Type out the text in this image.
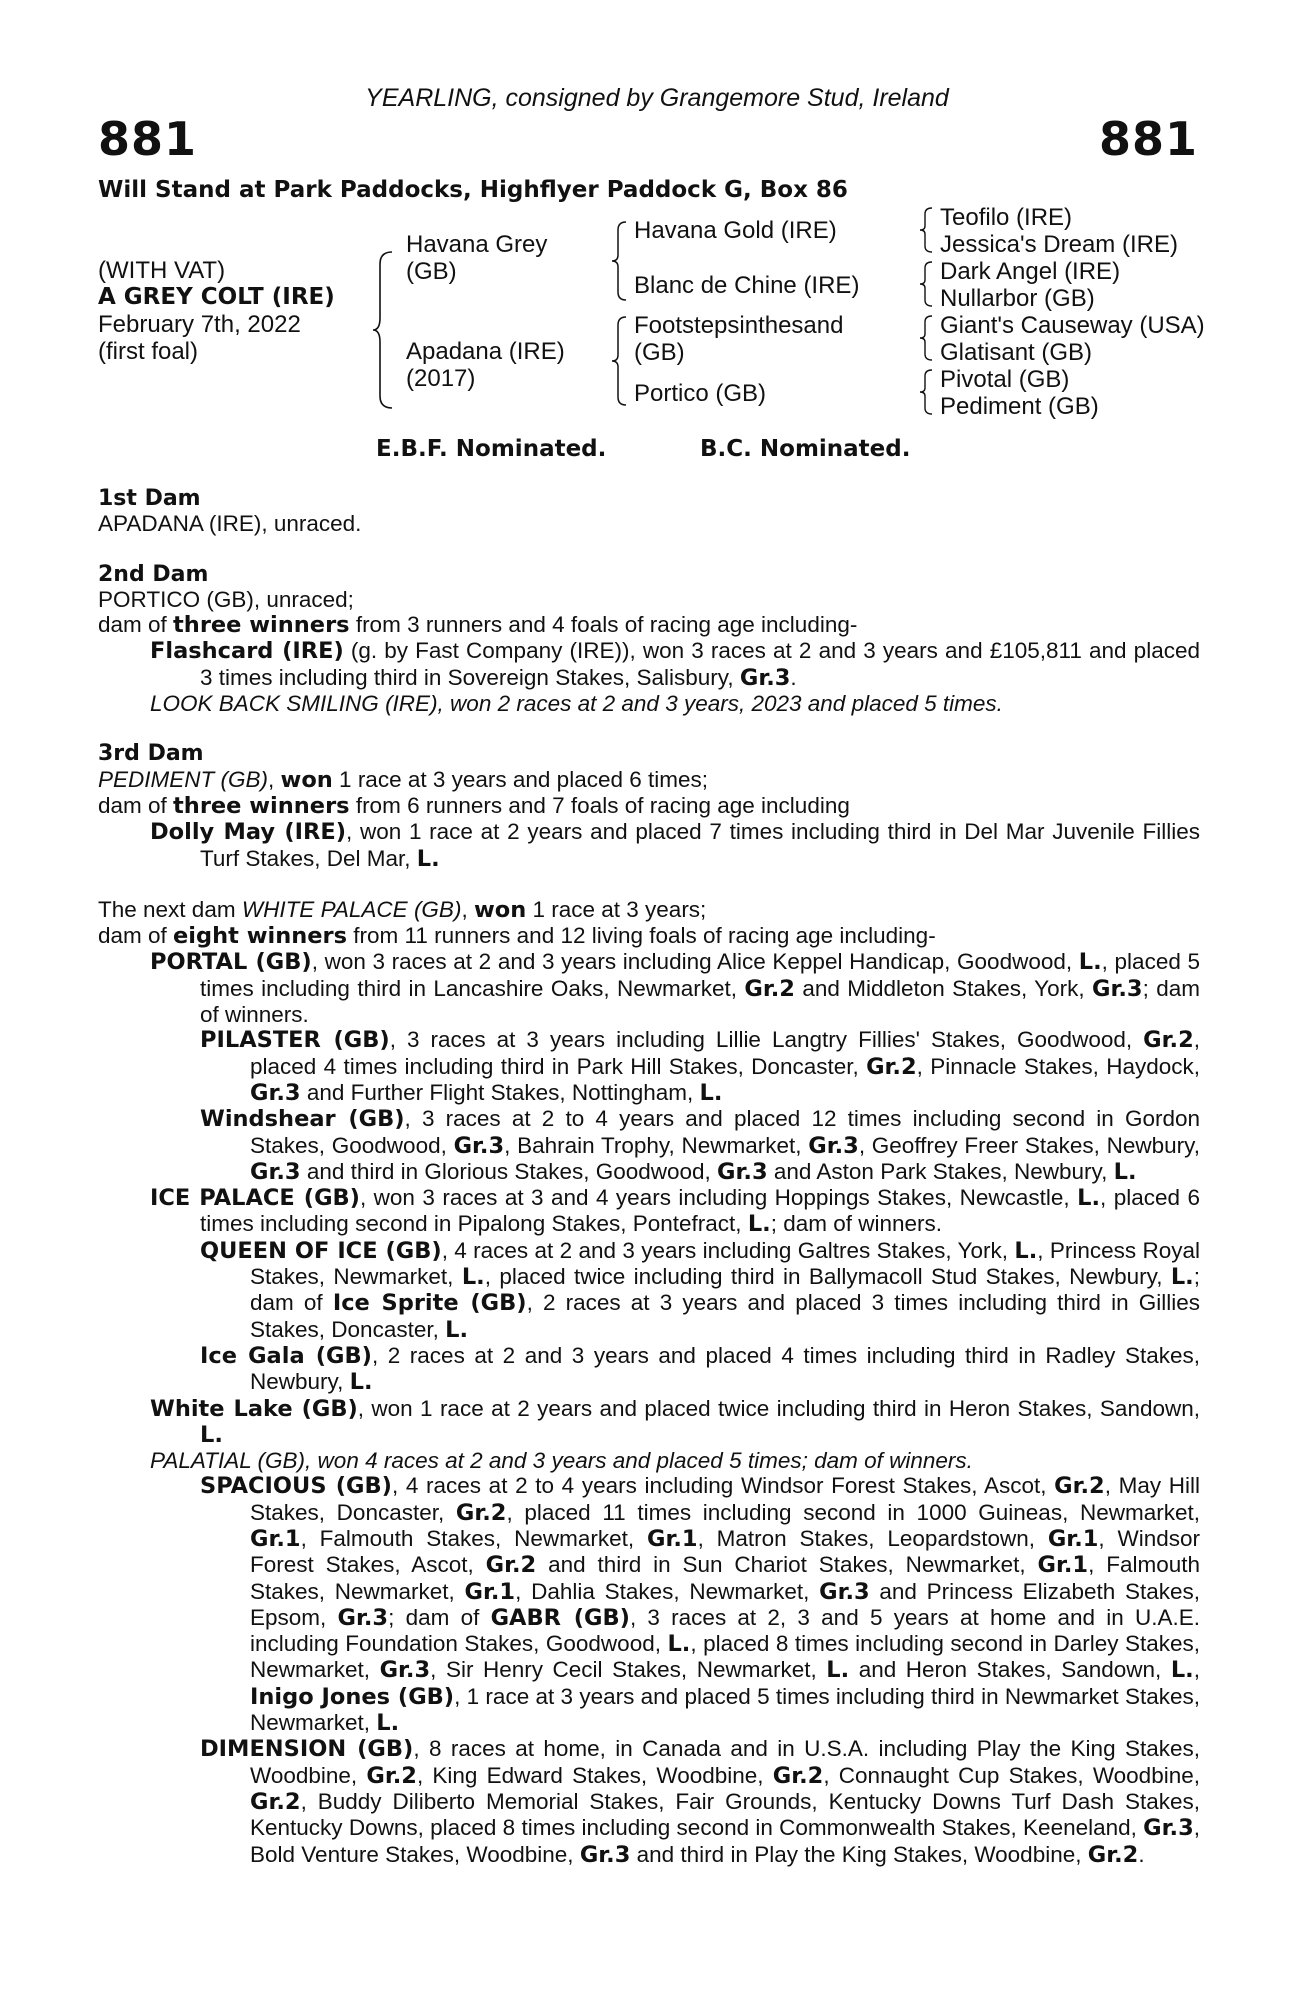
YEARLING, consigned by Grangemore Stud, Ireland
881	881
Will Stand at Park Paddocks, Highflyer Paddock G, Box 86
(WITH VAT)
A GREY COLT (IRE)
February 7th, 2022
(first foal)
Havana Grey
(GB)
Apadana (IRE)
(2017)
Havana Gold (IRE)
Blanc de Chine (IRE)
Footstepsinthesand
(GB)
Portico (GB)
Teofilo (IRE)
Jessica's Dream (IRE)
Dark Angel (IRE)
Nullarbor (GB)
Giant's Causeway (USA)
Glatisant (GB)
Pivotal (GB)
Pediment (GB)
E.B.F. Nominated.	B.C. Nominated.

1st Dam

APADANA (IRE), unraced.

2nd Dam

PORTICO (GB), unraced;

dam of three winners from 3 runners and 4 foals of racing age including-

Flashcard (IRE) (g. by Fast Company (IRE)), won 3 races at 2 and 3 years and £105,811 and placed 3 times including third in Sovereign Stakes, Salisbury, Gr.3.

LOOK BACK SMILING (IRE), won 2 races at 2 and 3 years, 2023 and placed 5 times.

3rd Dam

PEDIMENT (GB), won 1 race at 3 years and placed 6 times;

dam of three winners from 6 runners and 7 foals of racing age including

Dolly May (IRE), won 1 race at 2 years and placed 7 times including third in Del Mar Juvenile Fillies Turf Stakes, Del Mar, L.

The next dam WHITE PALACE (GB), won 1 race at 3 years;

dam of eight winners from 11 runners and 12 living foals of racing age including-

PORTAL (GB), won 3 races at 2 and 3 years including Alice Keppel Handicap, Goodwood, L., placed 5 times including third in Lancashire Oaks, Newmarket, Gr.2 and Middleton Stakes, York, Gr.3; dam of winners.

PILASTER (GB), 3 races at 3 years including Lillie Langtry Fillies' Stakes, Goodwood, Gr.2, placed 4 times including third in Park Hill Stakes, Doncaster, Gr.2, Pinnacle Stakes, Haydock, Gr.3 and Further Flight Stakes, Nottingham, L.

Windshear (GB), 3 races at 2 to 4 years and placed 12 times including second in Gordon Stakes, Goodwood, Gr.3, Bahrain Trophy, Newmarket, Gr.3, Geoffrey Freer Stakes, Newbury, Gr.3 and third in Glorious Stakes, Goodwood, Gr.3 and Aston Park Stakes, Newbury, L.

ICE PALACE (GB), won 3 races at 3 and 4 years including Hoppings Stakes, Newcastle, L., placed 6 times including second in Pipalong Stakes, Pontefract, L.; dam of winners.

QUEEN OF ICE (GB), 4 races at 2 and 3 years including Galtres Stakes, York, L., Princess Royal Stakes, Newmarket, L., placed twice including third in Ballymacoll Stud Stakes, Newbury, L.; dam of Ice Sprite (GB), 2 races at 3 years and placed 3 times including third in Gillies Stakes, Doncaster, L.

Ice Gala (GB), 2 races at 2 and 3 years and placed 4 times including third in Radley Stakes, Newbury, L.

White Lake (GB), won 1 race at 2 years and placed twice including third in Heron Stakes, Sandown, L.

PALATIAL (GB), won 4 races at 2 and 3 years and placed 5 times; dam of winners.

SPACIOUS (GB), 4 races at 2 to 4 years including Windsor Forest Stakes, Ascot, Gr.2, May Hill Stakes, Doncaster, Gr.2, placed 11 times including second in 1000 Guineas, Newmarket, Gr.1, Falmouth Stakes, Newmarket, Gr.1, Matron Stakes, Leopardstown, Gr.1, Windsor Forest Stakes, Ascot, Gr.2 and third in Sun Chariot Stakes, Newmarket, Gr.1, Falmouth Stakes, Newmarket, Gr.1, Dahlia Stakes, Newmarket, Gr.3 and Princess Elizabeth Stakes, Epsom, Gr.3; dam of GABR (GB), 3 races at 2, 3 and 5 years at home and in U.A.E. including Foundation Stakes, Goodwood, L., placed 8 times including second in Darley Stakes, Newmarket, Gr.3, Sir Henry Cecil Stakes, Newmarket, L. and Heron Stakes, Sandown, L., Inigo Jones (GB), 1 race at 3 years and placed 5 times including third in Newmarket Stakes, Newmarket, L.

DIMENSION (GB), 8 races at home, in Canada and in U.S.A. including Play the King Stakes, Woodbine, Gr.2, King Edward Stakes, Woodbine, Gr.2, Connaught Cup Stakes, Woodbine, Gr.2, Buddy Diliberto Memorial Stakes, Fair Grounds, Kentucky Downs Turf Dash Stakes, Kentucky Downs, placed 8 times including second in Commonwealth Stakes, Keeneland, Gr.3, Bold Venture Stakes, Woodbine, Gr.3 and third in Play the King Stakes, Woodbine, Gr.2.
